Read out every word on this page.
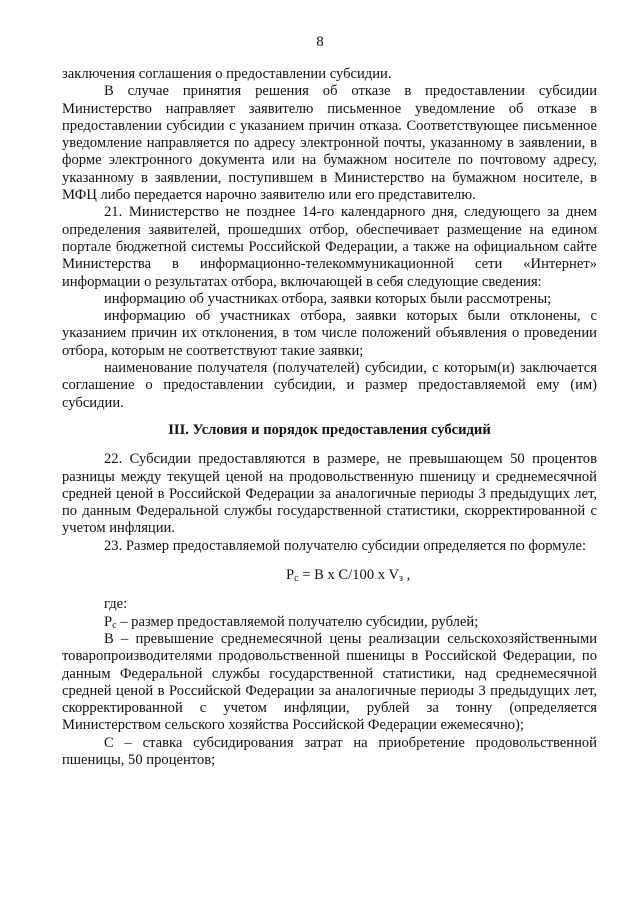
8

заключения соглашения о предоставлении субсидии.

В случае принятия решения об отказе в предоставлении субсидии Министерство направляет заявителю письменное уведомление об отказе в предоставлении субсидии с указанием причин отказа. Соответствующее письменное уведомление направляется по адресу электронной почты, указанному в заявлении, в форме электронного документа или на бумажном носителе по почтовому адресу, указанному в заявлении, поступившем в Министерство на бумажном носителе, в МФЦ либо передается нарочно заявителю или его представителю.

21. Министерство не позднее 14-го календарного дня, следующего за днем определения заявителей, прошедших отбор, обеспечивает размещение на едином портале бюджетной системы Российской Федерации, а также на официальном сайте Министерства в информационно-телекоммуникационной сети «Интернет» информации о результатах отбора, включающей в себя следующие сведения:

информацию об участниках отбора, заявки которых были рассмотрены;

информацию об участниках отбора, заявки которых были отклонены, с указанием причин их отклонения, в том числе положений объявления о проведении отбора, которым не соответствуют такие заявки;

наименование получателя (получателей) субсидии, с которым(и) заключается соглашение о предоставлении субсидии, и размер предоставляемой ему (им) субсидии.

III. Условия и порядок предоставления субсидий

22. Субсидии предоставляются в размере, не превышающем 50 процентов разницы между текущей ценой на продовольственную пшеницу и среднемесячной средней ценой в Российской Федерации за аналогичные периоды 3 предыдущих лет, по данным Федеральной службы государственной статистики, скорректированной с учетом инфляции.

23. Размер предоставляемой получателю субсидии определяется по формуле:

$P_c = B$ x C/100 x $V_з$ ,

где:

$P_c$ – размер предоставляемой получателю субсидии, рублей;

В – превышение среднемесячной цены реализации сельскохозяйственными товаропроизводителями продовольственной пшеницы в Российской Федерации, по данным Федеральной службы государственной статистики, над среднемесячной средней ценой в Российской Федерации за аналогичные периоды 3 предыдущих лет, скорректированной с учетом инфляции, рублей за тонну (определяется Министерством сельского хозяйства Российской Федерации ежемесячно);

С – ставка субсидирования затрат на приобретение продовольственной пшеницы, 50 процентов;
